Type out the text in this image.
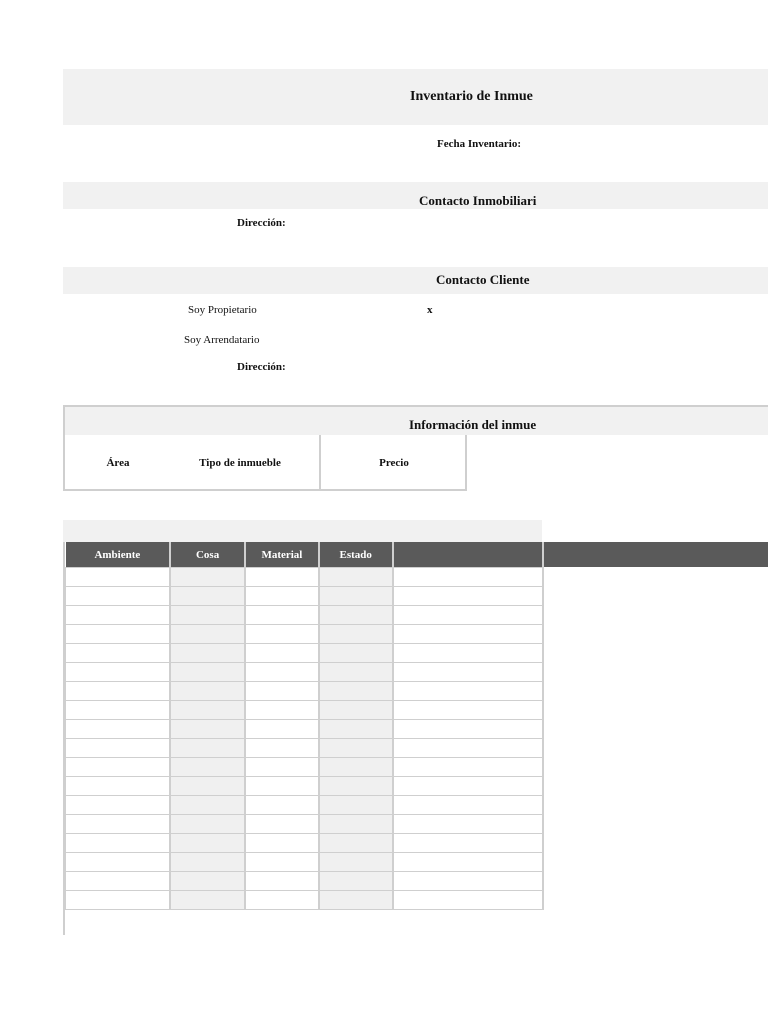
Inventario de Inmue
Fecha Inventario:
Contacto Inmobiliari
Dirección:
Contacto Cliente
Soy Propietario	x
Soy Arrendatario
Dirección:
Información del inmue
Área	Tipo de inmueble	Precio
Ambiente	Cosa	Material	Estado	
